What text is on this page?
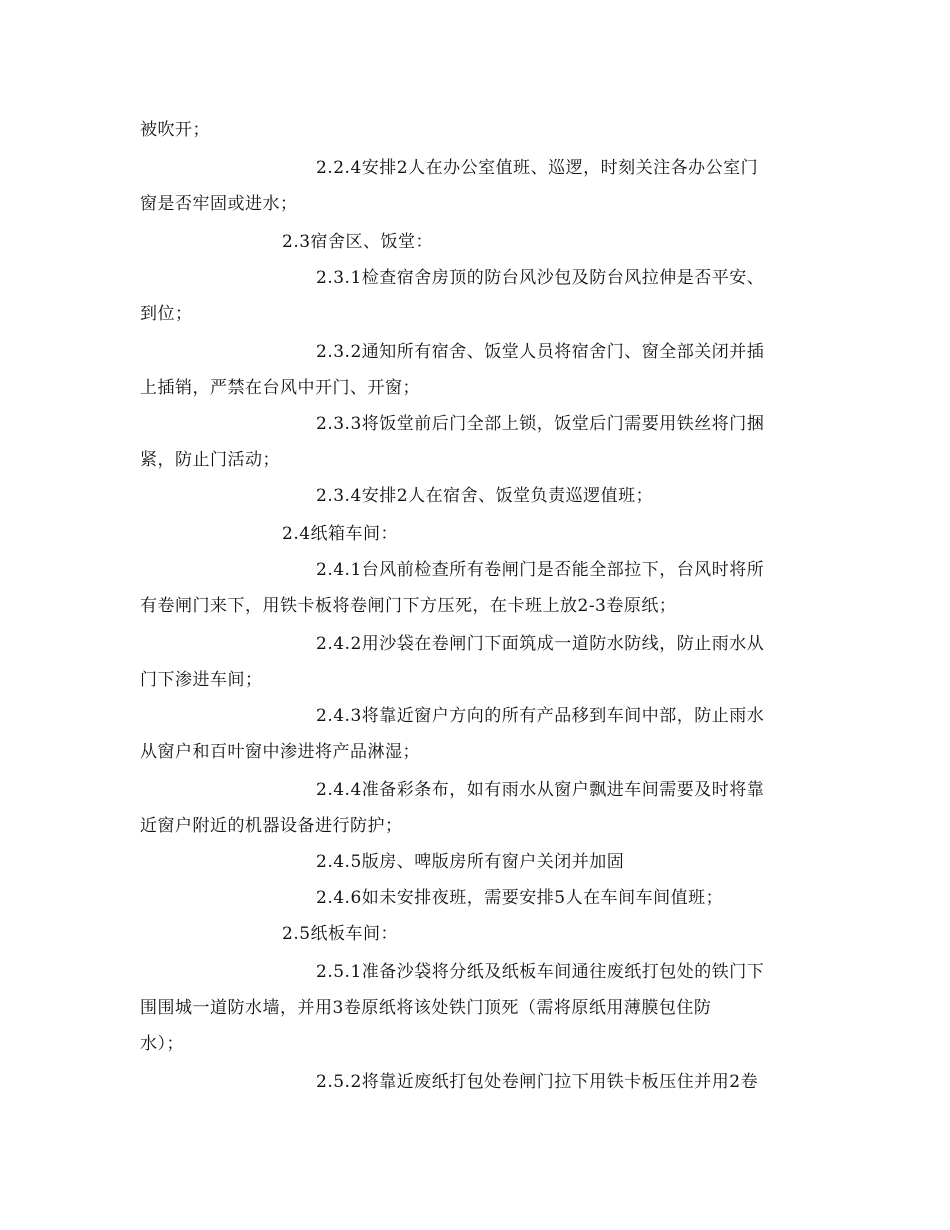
被吹开；
2.2.4安排2人在办公室值班、巡逻，时刻关注各办公室门
窗是否牢固或进水；
2.3宿舍区、饭堂：
2.3.1检查宿舍房顶的防台风沙包及防台风拉伸是否平安、
到位；
2.3.2通知所有宿舍、饭堂人员将宿舍门、窗全部关闭并插
上插销，严禁在台风中开门、开窗；
2.3.3将饭堂前后门全部上锁，饭堂后门需要用铁丝将门捆
紧，防止门活动；
2.3.4安排2人在宿舍、饭堂负责巡逻值班；
2.4纸箱车间：
2.4.1台风前检查所有卷闸门是否能全部拉下，台风时将所
有卷闸门来下，用铁卡板将卷闸门下方压死，在卡班上放2-3卷原纸；
2.4.2用沙袋在卷闸门下面筑成一道防水防线，防止雨水从
门下渗进车间；
2.4.3将靠近窗户方向的所有产品移到车间中部，防止雨水
从窗户和百叶窗中渗进将产品淋湿；
2.4.4准备彩条布，如有雨水从窗户飘进车间需要及时将靠
近窗户附近的机器设备进行防护；
2.4.5版房、啤版房所有窗户关闭并加固
2.4.6如未安排夜班，需要安排5人在车间车间值班；
2.5纸板车间：
2.5.1准备沙袋将分纸及纸板车间通往废纸打包处的铁门下
围围城一道防水墙，并用3卷原纸将该处铁门顶死（需将原纸用薄膜包住防
水）；
2.5.2将靠近废纸打包处卷闸门拉下用铁卡板压住并用2卷
